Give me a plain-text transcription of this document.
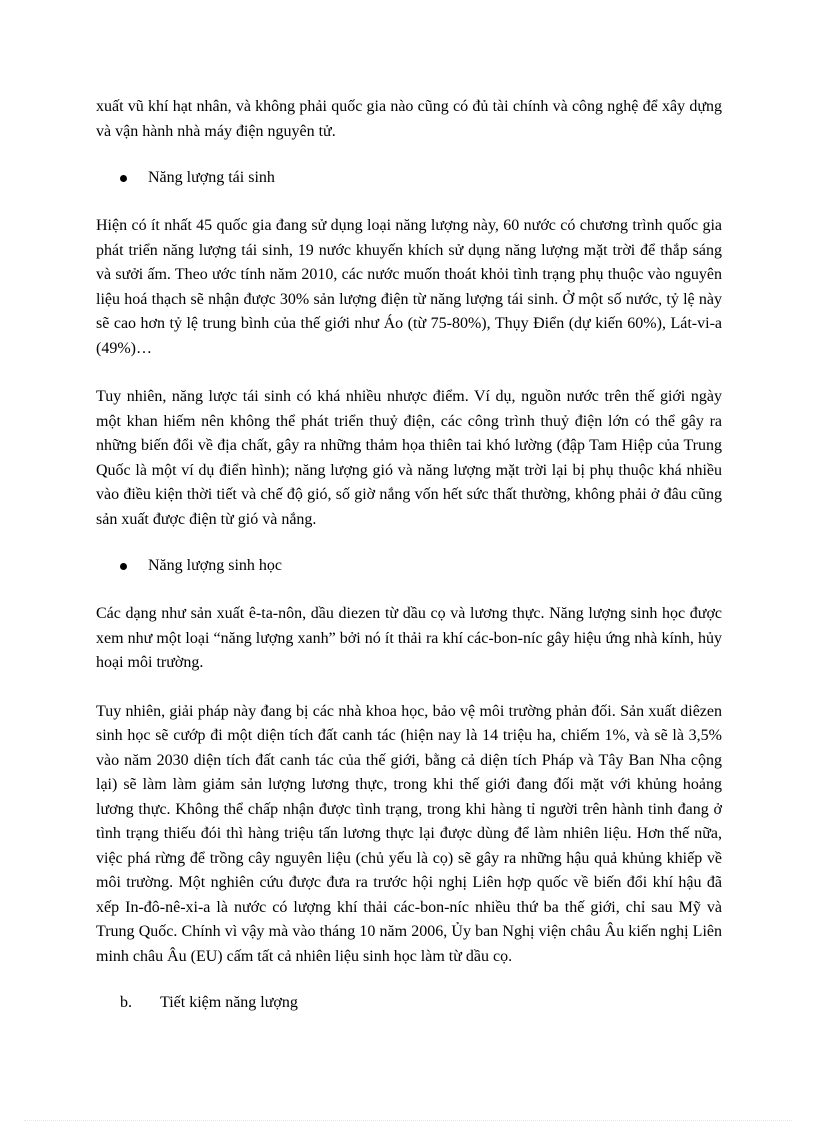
xuất vũ khí hạt nhân, và không phải quốc gia nào cũng có đủ tài chính và công nghệ để xây dựng và vận hành nhà máy điện nguyên tử.

Năng lượng tái sinh

Hiện có ít nhất 45 quốc gia đang sử dụng loại năng lượng này, 60 nước có chương trình quốc gia phát triển năng lượng tái sinh, 19 nước khuyến khích sử dụng năng lượng mặt trời để thắp sáng và sưởi ấm. Theo ước tính năm 2010, các nước muốn thoát khỏi tình trạng phụ thuộc vào nguyên liệu hoá thạch sẽ nhận được 30% sản lượng điện từ năng lượng tái sinh. Ở một số nước, tỷ lệ này sẽ cao hơn tỷ lệ trung bình của thế giới như Áo (từ 75-80%), Thụy Điển (dự kiến 60%), Lát-vi-a (49%)…

Tuy nhiên, năng lược tái sinh có khá nhiều nhược điểm. Ví dụ, nguồn nước trên thế giới ngày một khan hiếm nên không thể phát triển thuỷ điện, các công trình thuỷ điện lớn có thể gây ra những biến đổi về địa chất, gây ra những thảm họa thiên tai khó lường (đập Tam Hiệp của Trung Quốc là một ví dụ điển hình); năng lượng gió và năng lượng mặt trời lại bị phụ thuộc khá nhiều vào điều kiện thời tiết và chế độ gió, số giờ nắng vốn hết sức thất thường, không phải ở đâu cũng sản xuất được điện từ gió và nắng.

Năng lượng sinh học

Các dạng như sản xuất ê-ta-nôn, dầu diezen từ dầu cọ và lương thực. Năng lượng sinh học được xem như một loại “năng lượng xanh” bởi nó ít thải ra khí các-bon-níc gây hiệu ứng nhà kính, hủy hoại môi trường.

Tuy nhiên, giải pháp này đang bị các nhà khoa học, bảo vệ môi trường phản đối. Sản xuất diêzen sinh học sẽ cướp đi một diện tích đất canh tác (hiện nay là 14 triệu ha, chiếm 1%, và sẽ là 3,5% vào năm 2030 diện tích đất canh tác của thế giới, bằng cả diện tích Pháp và Tây Ban Nha cộng lại) sẽ làm làm giảm sản lượng lương thực, trong khi thế giới đang đối mặt với khủng hoảng lương thực. Không thể chấp nhận được tình trạng, trong khi hàng tỉ người trên hành tinh đang ở tình trạng thiếu đói thì hàng triệu tấn lương thực lại được dùng để làm nhiên liệu. Hơn thế nữa, việc phá rừng để trồng cây nguyên liệu (chủ yếu là cọ) sẽ gây ra những hậu quả khủng khiếp về môi trường. Một nghiên cứu được đưa ra trước hội nghị Liên hợp quốc về biến đổi khí hậu đã xếp In-đô-nê-xi-a là nước có lượng khí thải các-bon-níc nhiều thứ ba thế giới, chỉ sau Mỹ và Trung Quốc. Chính vì vậy mà vào tháng 10 năm 2006, Ủy ban Nghị viện châu Âu kiến nghị Liên minh châu Âu (EU) cấm tất cả nhiên liệu sinh học làm từ dầu cọ.

b.	Tiết kiệm năng lượng
